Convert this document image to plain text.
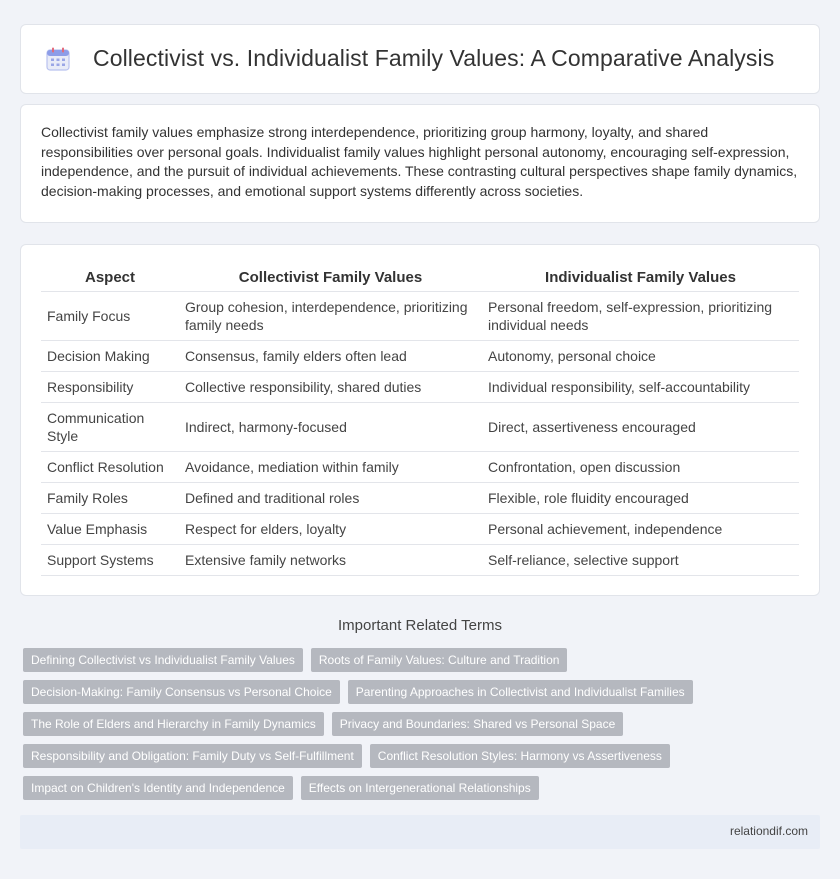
Collectivist vs. Individualist Family Values: A Comparative Analysis

Collectivist family values emphasize strong interdependence, prioritizing group harmony, loyalty, and shared responsibilities over personal goals. Individualist family values highlight personal autonomy, encouraging self-expression, independence, and the pursuit of individual achievements. These contrasting cultural perspectives shape family dynamics, decision-making processes, and emotional support systems differently across societies.

Aspect	Collectivist Family Values	Individualist Family Values
Family Focus	Group cohesion, interdependence, prioritizing family needs	Personal freedom, self-expression, prioritizing individual needs
Decision Making	Consensus, family elders often lead	Autonomy, personal choice
Responsibility	Collective responsibility, shared duties	Individual responsibility, self-accountability
Communication Style	Indirect, harmony-focused	Direct, assertiveness encouraged
Conflict Resolution	Avoidance, mediation within family	Confrontation, open discussion
Family Roles	Defined and traditional roles	Flexible, role fluidity encouraged
Value Emphasis	Respect for elders, loyalty	Personal achievement, independence
Support Systems	Extensive family networks	Self-reliance, selective support
Important Related Terms
Defining Collectivist vs Individualist Family Values	Roots of Family Values: Culture and Tradition
Decision-Making: Family Consensus vs Personal Choice	Parenting Approaches in Collectivist and Individualist Families
The Role of Elders and Hierarchy in Family Dynamics	Privacy and Boundaries: Shared vs Personal Space
Responsibility and Obligation: Family Duty vs Self-Fulfillment	Conflict Resolution Styles: Harmony vs Assertiveness
Impact on Children's Identity and Independence	Effects on Intergenerational Relationships
relationdif.com
